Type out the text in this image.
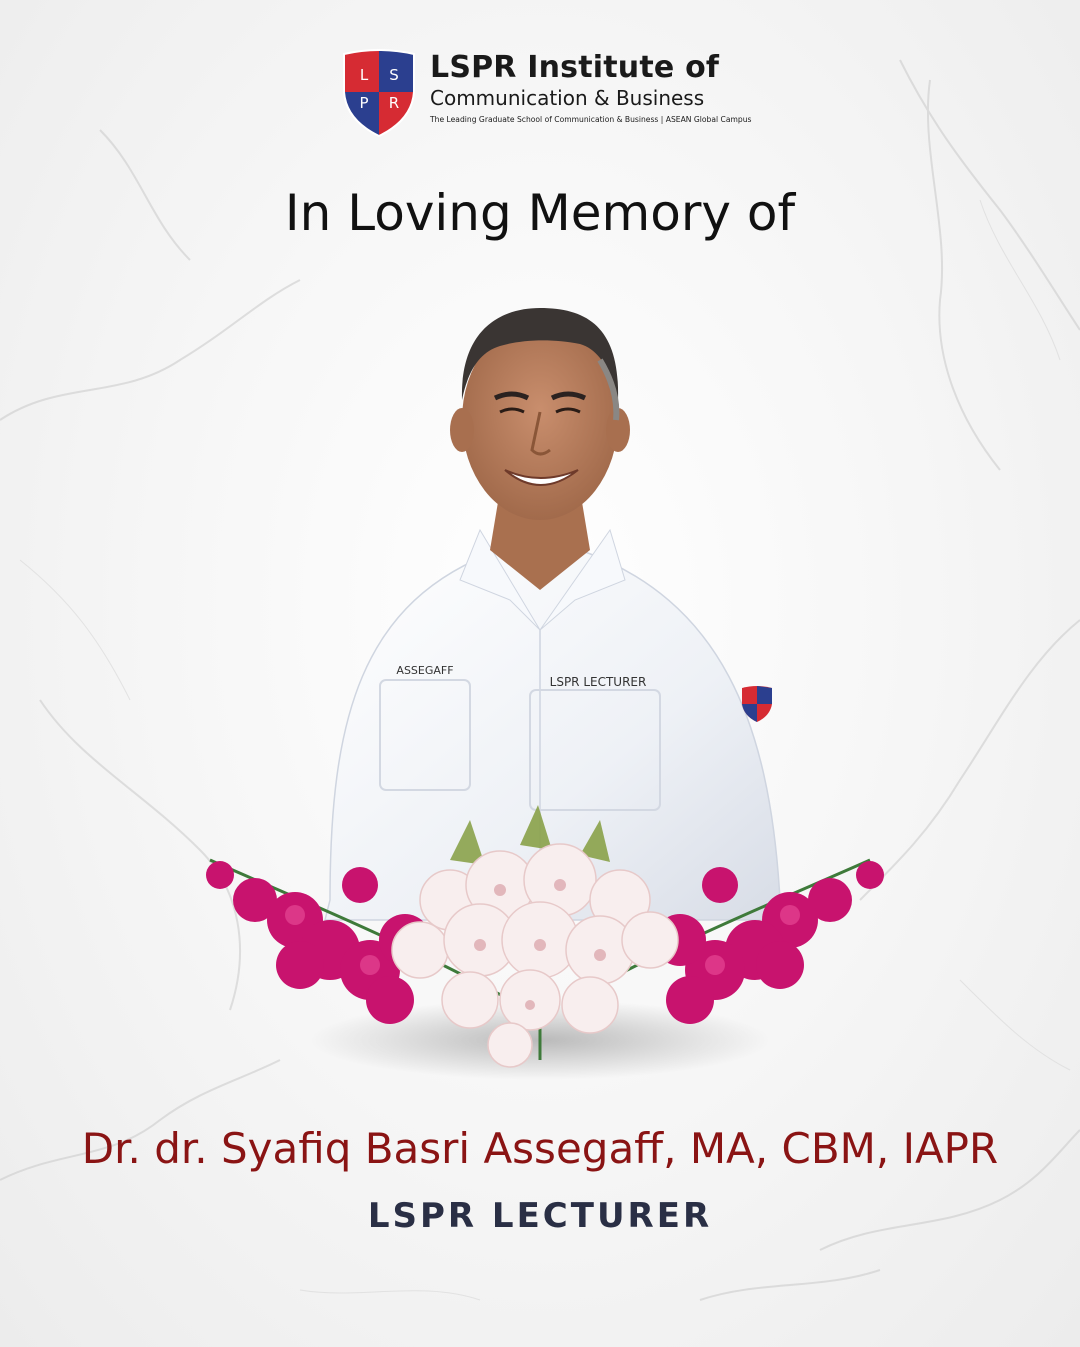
L S
P R
LSPR Institute of
Communication & Business
The Leading Graduate School of Communication & Business | ASEAN Global Campus
In Loving Memory of
ASSEGAFF
LSPR LECTURER
Dr. dr. Syafiq Basri Assegaff, MA, CBM, IAPR
LSPR LECTURER
